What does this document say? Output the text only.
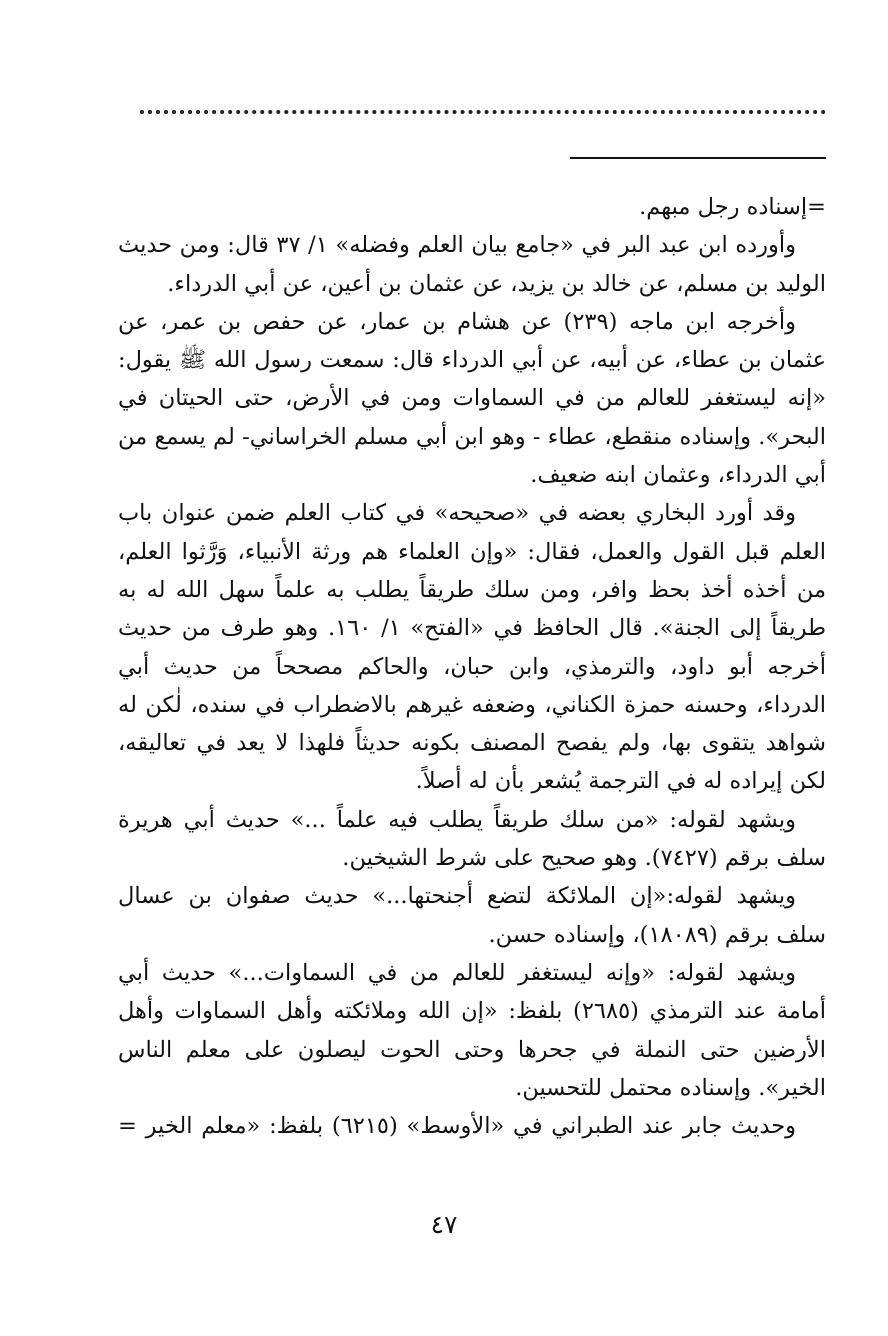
=إسناده رجل مبهم.
وأورده ابن عبد البر في «جامع بيان العلم وفضله» ١/ ٣٧ قال: ومن حديث
الوليد بن مسلم، عن خالد بن يزيد، عن عثمان بن أعين، عن أبي الدرداء.
وأخرجه ابن ماجه (٢٣٩) عن هشام بن عمار، عن حفص بن عمر، عن
عثمان بن عطاء، عن أبيه، عن أبي الدرداء قال: سمعت رسول الله ﷺ يقول:
«إنه ليستغفر للعالم من في السماوات ومن في الأرض، حتى الحيتان في
البحر». وإسناده منقطع، عطاء - وهو ابن أبي مسلم الخراساني- لم يسمع من
أبي الدرداء، وعثمان ابنه ضعيف.
وقد أورد البخاري بعضه في «صحيحه» في كتاب العلم ضمن عنوان باب
العلم قبل القول والعمل، فقال: «وإن العلماء هم ورثة الأنبياء، وَرَّثوا العلم،
من أخذه أخذ بحظ وافر، ومن سلك طريقاً يطلب به علماً سهل الله له به
طريقاً إلى الجنة». قال الحافظ في «الفتح» ١/ ١٦٠. وهو طرف من حديث
أخرجه أبو داود، والترمذي، وابن حبان، والحاكم مصححاً من حديث أبي
الدرداء، وحسنه حمزة الكناني، وضعفه غيرهم بالاضطراب في سنده، لٰكن له
شواهد يتقوى بها، ولم يفصح المصنف بكونه حديثاً فلهذا لا يعد في تعاليقه،
لكن إيراده له في الترجمة يُشعر بأن له أصلاً.
ويشهد لقوله: «من سلك طريقاً يطلب فيه علماً ...» حديث أبي هريرة
سلف برقم (٧٤٢٧). وهو صحيح على شرط الشيخين.
ويشهد لقوله:«إن الملائكة لتضع أجنحتها...» حديث صفوان بن عسال
سلف برقم (١٨٠٨٩)، وإسناده حسن.
ويشهد لقوله: «وإنه ليستغفر للعالم من في السماوات...» حديث أبي
أمامة عند الترمذي (٢٦٨٥) بلفظ: «إن الله وملائكته وأهل السماوات وأهل
الأرضين حتى النملة في جحرها وحتى الحوت ليصلون على معلم الناس
الخير». وإسناده محتمل للتحسين.
وحديث جابر عند الطبراني في «الأوسط» (٦٢١٥) بلفظ: «معلم الخير =
٤٧
